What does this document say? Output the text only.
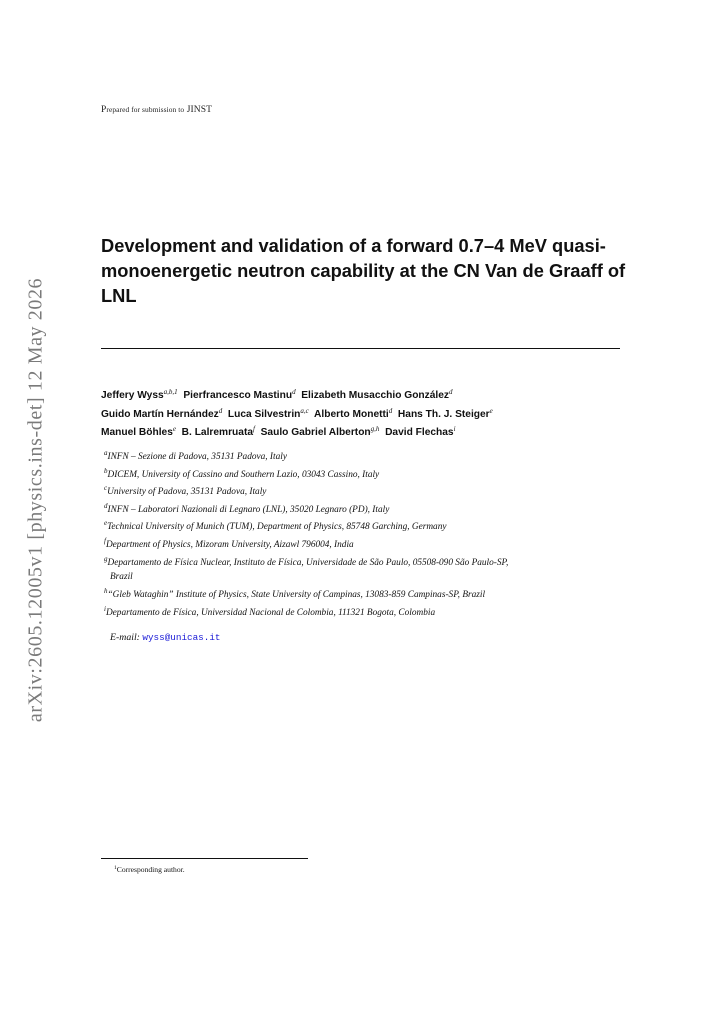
Prepared for submission to JINST
arXiv:2605.12005v1 [physics.ins-det] 12 May 2026
Development and validation of a forward 0.7–4 MeV quasi-monoenergetic neutron capability at the CN Van de Graaff of LNL
Jeffery Wyss$^{a,b,1}$ Pierfrancesco Mastinu$^d$ Elizabeth Musacchio González$^d$
Guido Martín Hernández$^d$ Luca Silvestrin$^{a,c}$ Alberto Monetti$^d$ Hans Th. J. Steiger$^e$
Manuel Böhles$^e$ B. Lalremruata$^f$ Saulo Gabriel Alberton$^{g,h}$ David Flechas$^i$
$^a$INFN – Sezione di Padova, 35131 Padova, Italy
$^b$DICEM, University of Cassino and Southern Lazio, 03043 Cassino, Italy
$^c$University of Padova, 35131 Padova, Italy
$^d$INFN – Laboratori Nazionali di Legnaro (LNL), 35020 Legnaro (PD), Italy
$^e$Technical University of Munich (TUM), Department of Physics, 85748 Garching, Germany
$^f$Department of Physics, Mizoram University, Aizawl 796004, India
$^g$Departamento de Física Nuclear, Instituto de Física, Universidade de São Paulo, 05508-090 São Paulo-SP,
Brazil
$^h$“Gleb Wataghin” Institute of Physics, State University of Campinas, 13083-859 Campinas-SP, Brazil
$^i$Departamento de Física, Universidad Nacional de Colombia, 111321 Bogota, Colombia
E-mail: wyss@unicas.it
$^1$Corresponding author.
